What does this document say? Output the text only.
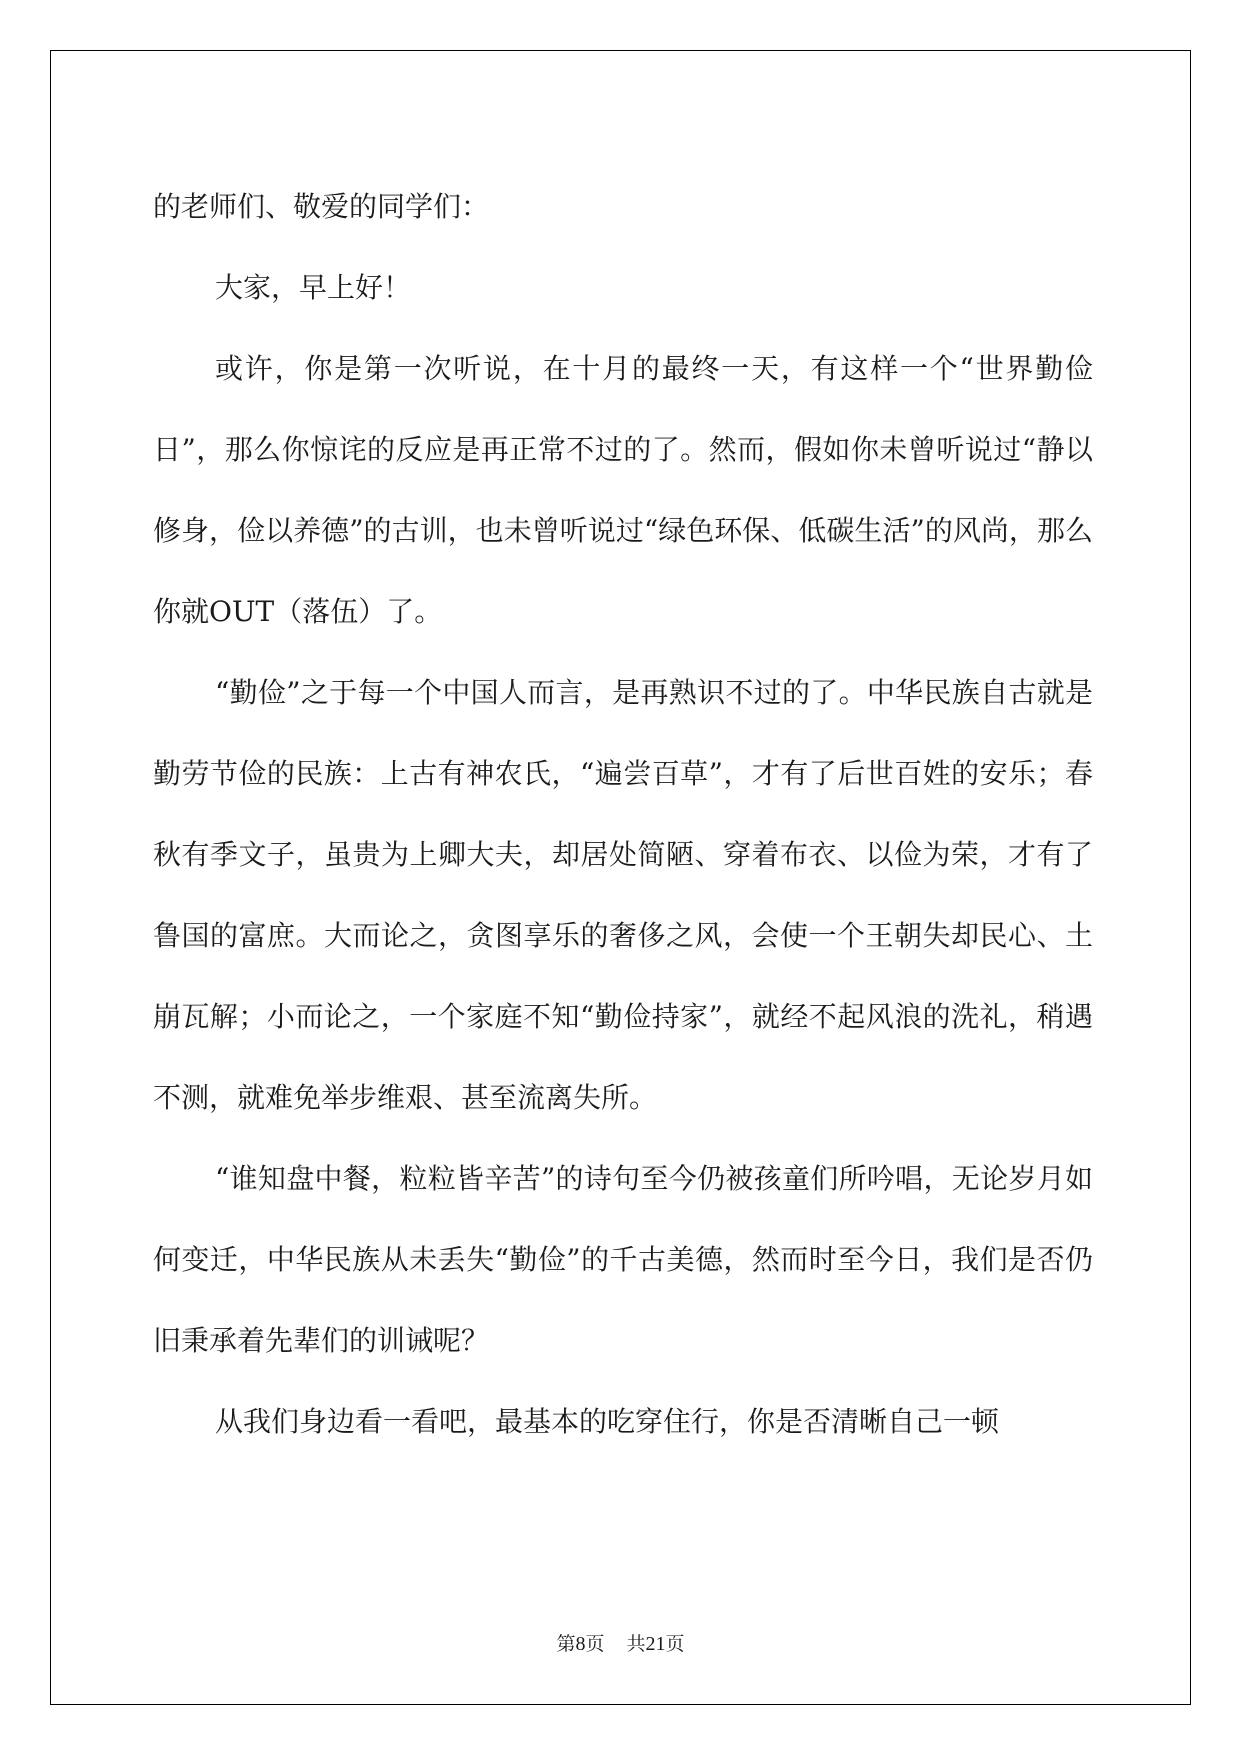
的老师们、敬爱的同学们：

大家，早上好！

或许，你是第一次听说，在十月的最终一天，有这样一个“世界勤俭日”，那么你惊诧的反应是再正常不过的了。然而，假如你未曾听说过“静以修身，俭以养德”的古训，也未曾听说过“绿色环保、低碳生活”的风尚，那么你就OUT（落伍）了。

“勤俭”之于每一个中国人而言，是再熟识不过的了。中华民族自古就是勤劳节俭的民族：上古有神农氏，“遍尝百草”，才有了后世百姓的安乐；春秋有季文子，虽贵为上卿大夫，却居处简陋、穿着布衣、以俭为荣，才有了鲁国的富庶。大而论之，贪图享乐的奢侈之风，会使一个王朝失却民心、土崩瓦解；小而论之，一个家庭不知“勤俭持家”，就经不起风浪的洗礼，稍遇不测，就难免举步维艰、甚至流离失所。

“谁知盘中餐，粒粒皆辛苦”的诗句至今仍被孩童们所吟唱，无论岁月如何变迁，中华民族从未丢失“勤俭”的千古美德，然而时至今日，我们是否仍旧秉承着先辈们的训诫呢？

从我们身边看一看吧，最基本的吃穿住行，你是否清晰自己一顿

第8页 共21页
